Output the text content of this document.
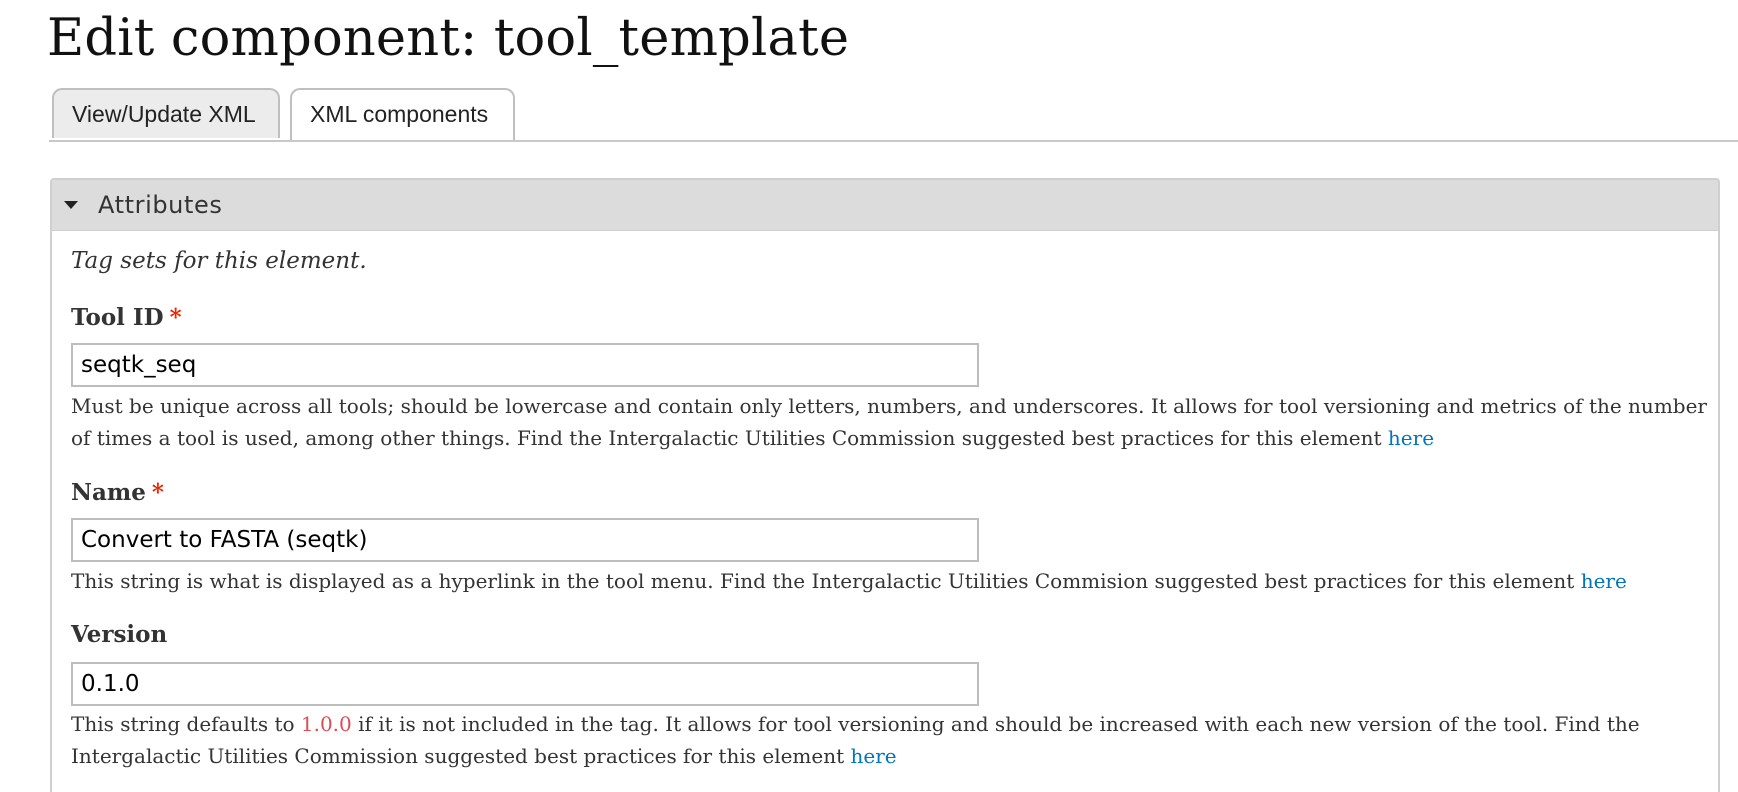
Edit component: tool_template
View/Update XML	XML components
Attributes
Tag sets for this element.
Tool ID *
seqtk_seq
Must be unique across all tools; should be lowercase and contain only letters, numbers, and underscores. It allows for tool versioning and metrics of the number of times a tool is used, among other things. Find the Intergalactic Utilities Commission suggested best practices for this element here
Name *
Convert to FASTA (seqtk)
This string is what is displayed as a hyperlink in the tool menu. Find the Intergalactic Utilities Commision suggested best practices for this element here
Version
0.1.0
This string defaults to 1.0.0 if it is not included in the tag. It allows for tool versioning and should be increased with each new version of the tool. Find the Intergalactic Utilities Commission suggested best practices for this element here
